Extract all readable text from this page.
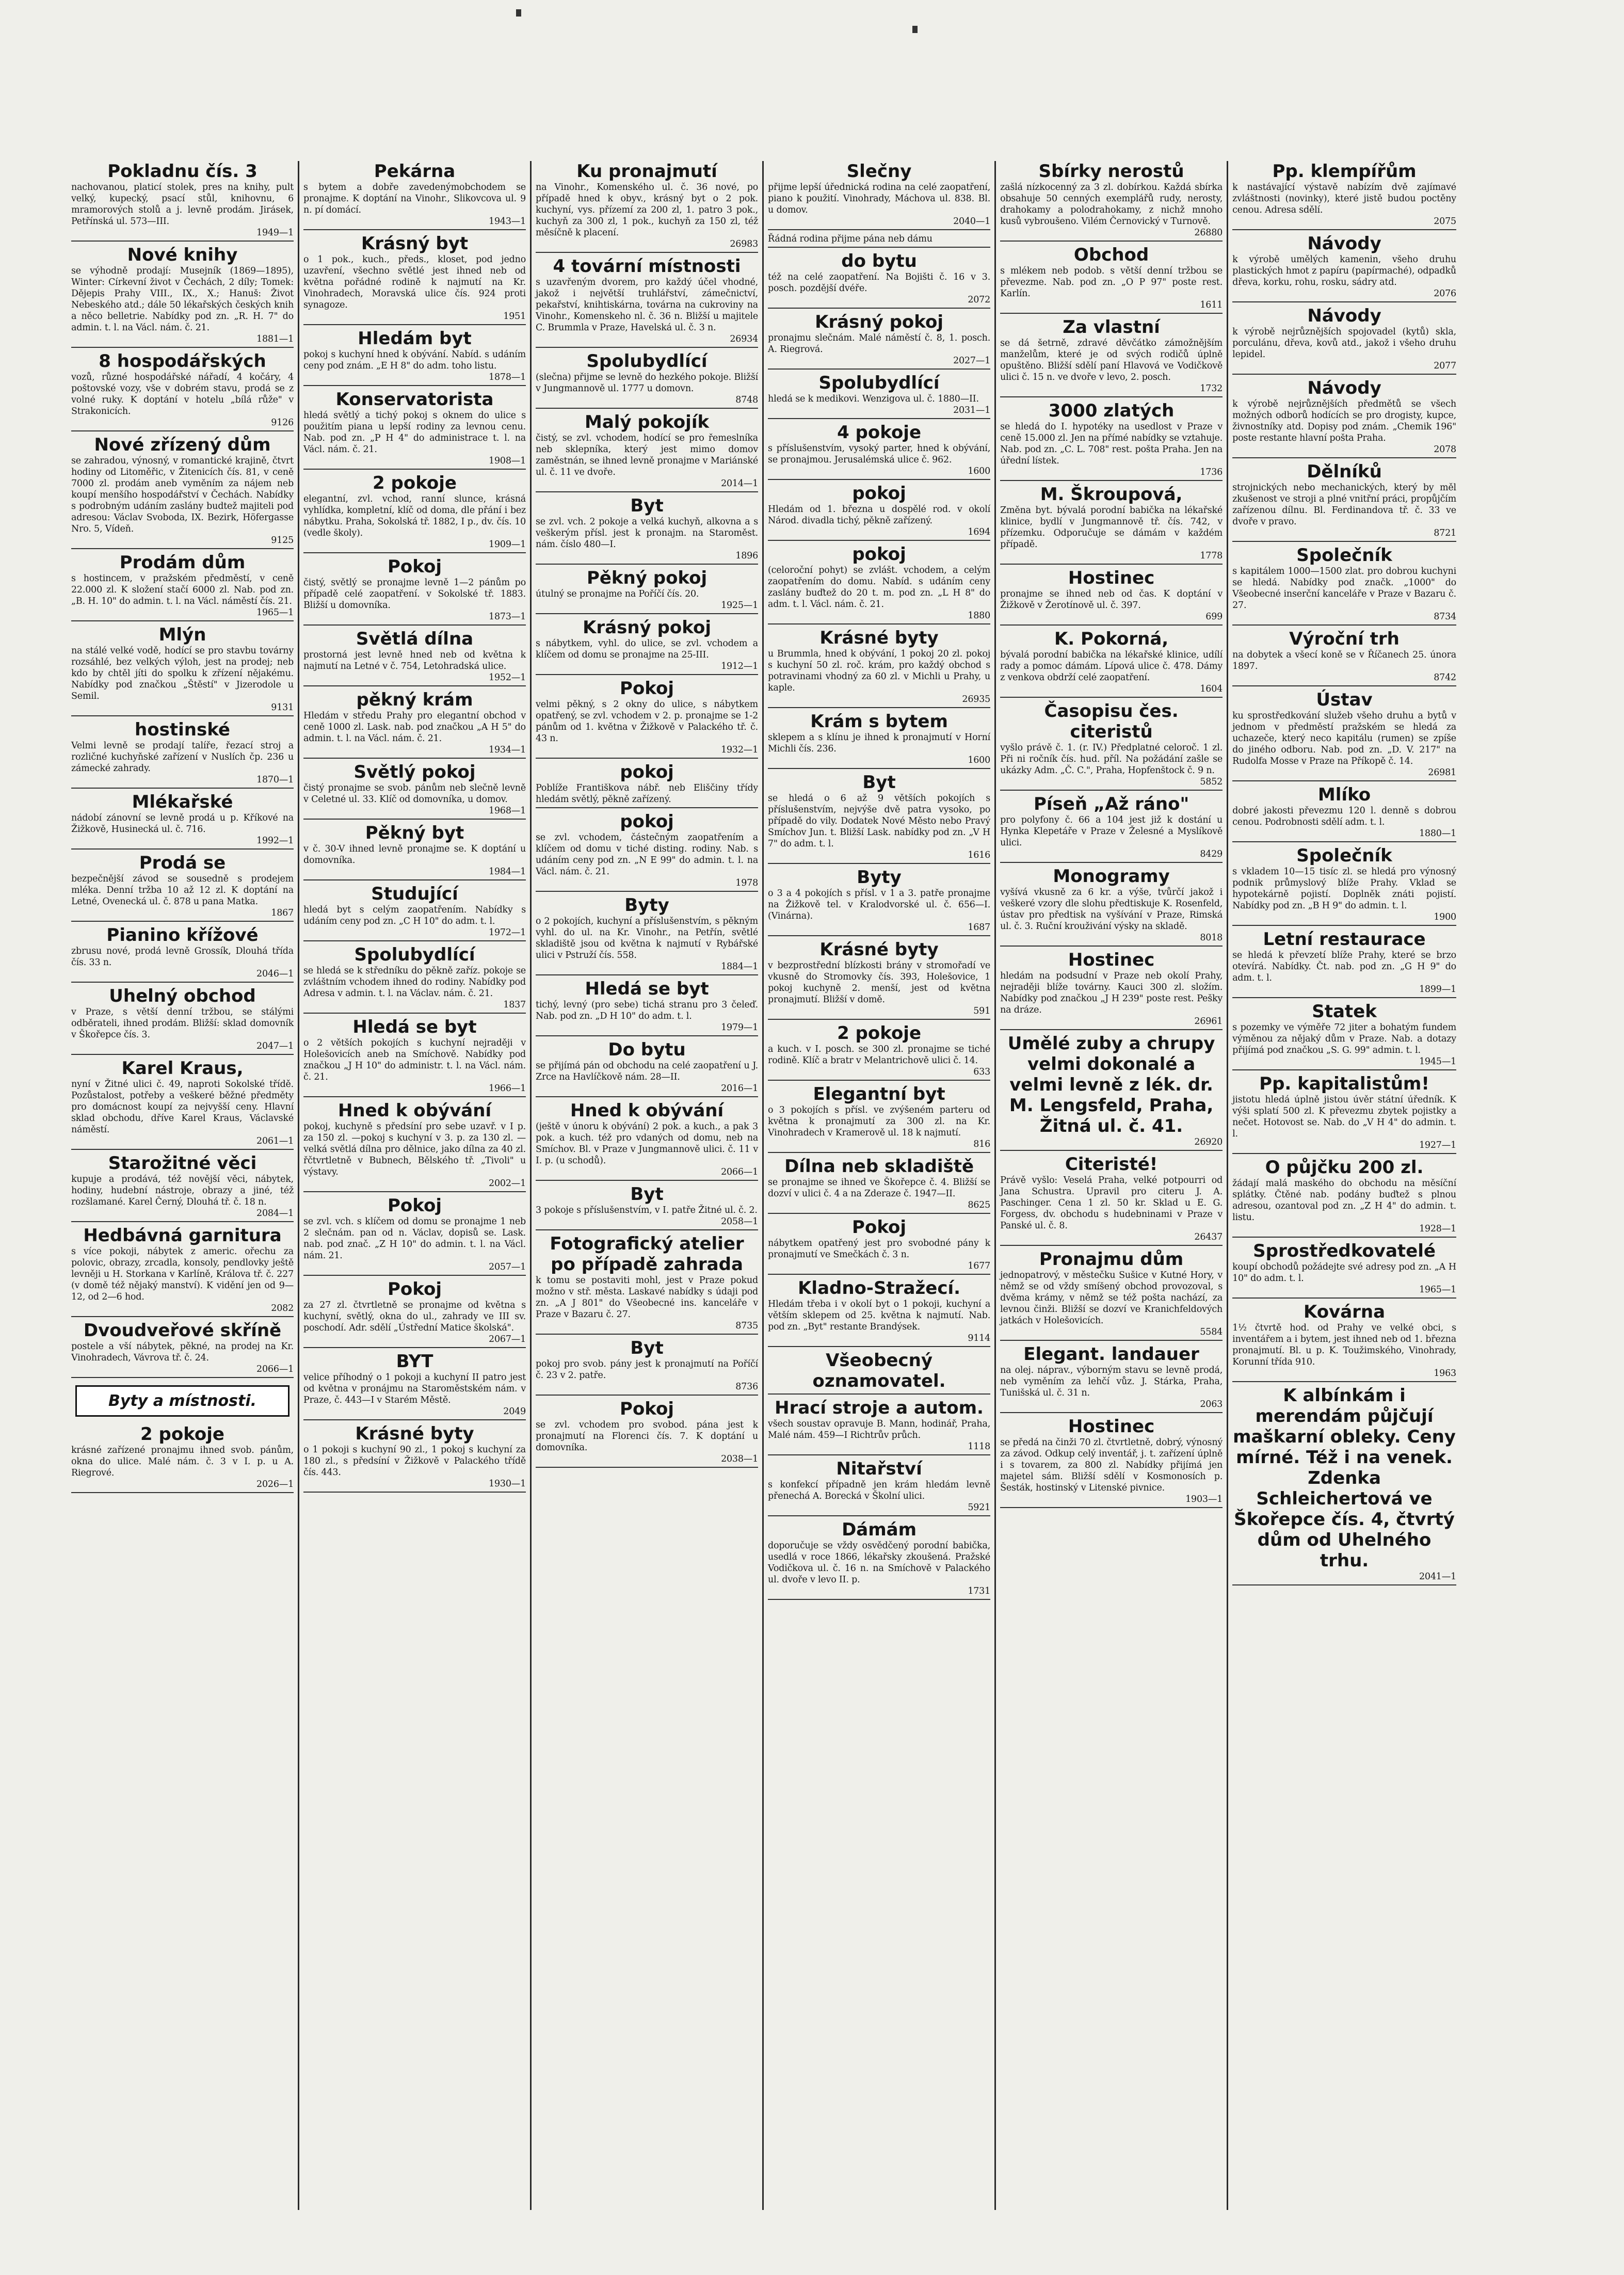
Pokladnu čís. 3

nachovanou, platicí stolek, pres na knihy, pult velký, kupecký, psací stůl, knihovnu, 6 mramorových stolů a j. levně prodám. Jirásek, Petřínská ul. 573—III.

1949—1

Nové knihy

se výhodně prodají: Musejník (1869—1895), Winter: Církevní život v Čechách, 2 díly; Tomek: Dějepis Prahy VIII., IX., X.; Hanuš: Život Nebeského atd.; dále 50 lékařských českých knih a něco belletrie. Nabídky pod zn. „R. H. 7" do admin. t. l. na Václ. nám. č. 21.

1881—1

8 hospodářských

vozů, různé hospodářské nářadí, 4 kočáry, 4 poštovské vozy, vše v dobrém stavu, prodá se z volné ruky. K doptání v hotelu „bílá růže" v Strakonicích.

9126

Nové zřízený dům

se zahradou, výnosný, v romantické krajině, čtvrt hodiny od Litoměřic, v Žitenicích čís. 81, v ceně 7000 zl. prodám aneb vyměním za nájem neb koupí menšího hospodářství v Čechách. Nabídky s podrobným udáním zaslány budtež majiteli pod adresou: Václav Svoboda, IX. Bezirk, Höfergasse Nro. 5, Vídeň.

9125

Prodám dům

s hostincem, v pražském předměstí, v ceně 22.000 zl. K složení stačí 6000 zl. Nab. pod zn. „B. H. 10" do admin. t. l. na Václ. náměstí čís. 21.

1965—1

Mlýn

na stálé velké vodě, hodící se pro stavbu továrny rozsáhlé, bez velkých výloh, jest na prodej; neb kdo by chtěl jíti do spolku k zřízení nějakému. Nabídky pod značkou „Štěstí" v Jizerodole u Semil.

9131

hostinské

Velmi levně se prodají talíře, řezací stroj a rozličné kuchyňské zařízení v Nuslích čp. 236 u zámecké zahrady.

1870—1

Mlékařské

nádobí zánovní se levně prodá u p. Kříkové na Žižkově, Husinecká ul. č. 716.

1992—1

Prodá se

bezpečnější závod se sousedně s prodejem mléka. Denní tržba 10 až 12 zl. K doptání na Letné, Ovenecká ul. č. 878 u pana Matka.

1867

Pianino křížové

zbrusu nové, prodá levně Grossík, Dlouhá třída čís. 33 n.

2046—1

Uhelný obchod

v Praze, s větší denní tržbou, se stálými odběrateli, ihned prodám. Bližší: sklad domovník v Škořepce čís. 3.

2047—1

Karel Kraus,

nyní v Žitné ulici č. 49, naproti Sokolské třídě. Pozůstalost, potřeby a veškeré běžné předměty pro domácnost koupí za nejvyšší ceny. Hlavní sklad obchodu, dříve Karel Kraus, Václavské náměstí.

2061—1

Starožitné věci

kupuje a prodává, též novější věci, nábytek, hodiny, hudební nástroje, obrazy a jiné, též rozšlamané. Karel Černý, Dlouhá tř. č. 18 n.

2084—1

Hedbávná garnitura

s více pokoji, nábytek z americ. ořechu za polovic, obrazy, zrcadla, konsoly, pendlovky ještě levněji u H. Storkana v Karlíně, Králova tř. č. 227 (v domě též nějaký manství). K vidění jen od 9—12, od 2—6 hod.

2082

Dvoudveřové skříně

postele a vší nábytek, pěkné, na prodej na Kr. Vinohradech, Vávrova tř. č. 24.

2066—1
Byty a místnosti.

2 pokoje

krásné zařízené pronajmu ihned svob. pánům, okna do ulice. Malé nám. č. 3 v I. p. u A. Riegrové.

2026—1

Pekárna

s bytem a dobře zavedenýmobchodem se pronajme. K doptání na Vinohr., Slikovcova ul. 9 n. pí domácí.

1943—1

Krásný byt

o 1 pok., kuch., předs., kloset, pod jedno uzavření, všechno světlé jest ihned neb od května pořádné rodině k najmutí na Kr. Vinohradech, Moravská ulice čís. 924 proti synagoze.

1951

Hledám byt

pokoj s kuchyní hned k obývání. Nabíd. s udáním ceny pod znám. „E H 8" do adm. toho listu.

1878—1

Konservatorista

hledá světlý a tichý pokoj s oknem do ulice s použitím piana u lepší rodiny za levnou cenu. Nab. pod zn. „P H 4" do administrace t. l. na Václ. nám. č. 21.

1908—1

2 pokoje

elegantní, zvl. vchod, ranní slunce, krásná vyhlídka, kompletní, klíč od doma, dle přání i bez nábytku. Praha, Sokolská tř. 1882, I p., dv. čís. 10 (vedle školy).

1909—1

Pokoj

čistý, světlý se pronajme levně 1—2 pánům po případě celé zaopatření. v Sokolské tř. 1883. Bližší u domovníka.

1873—1

Světlá dílna

prostorná jest levně hned neb od května k najmutí na Letné v č. 754, Letohradská ulice.

1952—1

pěkný krám

Hledám v středu Prahy pro elegantní obchod v ceně 1000 zl. Lask. nab. pod značkou „A H 5" do admin. t. l. na Václ. nám. č. 21.

1934—1

Světlý pokoj

čistý pronajme se svob. pánům neb slečně levně v Celetné ul. 33. Klíč od domovníka, u domov.

1968—1

Pěkný byt

v č. 30-V ihned levně pronajme se. K doptání u domovníka.

1984—1

Studující

hledá byt s celým zaopatřením. Nabídky s udáním ceny pod zn. „C H 10" do adm. t. l.

1972—1

Spolubydlící

se hledá se k středníku do pěkně zaříz. pokoje se zvláštním vchodem ihned do rodiny. Nabídky pod Adresa v admin. t. l. na Václav. nám. č. 21.

1837

Hledá se byt

o 2 větších pokojích s kuchyní nejraději v Holešovicích aneb na Smíchově. Nabídky pod značkou „J H 10" do administr. t. l. na Václ. nám. č. 21.

1966—1

Hned k obývání

pokoj, kuchyně s předsíní pro sebe uzavř. v I p. za 150 zl. —pokoj s kuchyní v 3. p. za 130 zl. — velká světlá dílna pro dělnice, jako dílna za 40 zl. řčtvrtletně v Bubnech, Bělského tř. „Tivoli" u výstavy.

2002—1

Pokoj

se zvl. vch. s klíčem od domu se pronajme 1 neb 2 slečnám. pan od n. Václav, dopisů se. Lask. nab. pod znač. „Z H 10" do admin. t. l. na Václ. nám. 21.

2057—1

Pokoj

za 27 zl. čtvrtletně se pronajme od května s kuchyní, světlý, okna do ul., zahrady ve III sv. poschodí. Adr. sdělí „Ústřední Matice školská".

2067—1

BYT

velice příhodný o 1 pokoji a kuchyní II patro jest od května v pronájmu na Staroměstském nám. v Praze, č. 443—I v Starém Městě.

2049

Krásné byty

o 1 pokoji s kuchyní 90 zl., 1 pokoj s kuchyní za 180 zl., s předsíní v Žižkově v Palackého třídě čís. 443.

1930—1

Ku pronajmutí

na Vinohr., Komenského ul. č. 36 nové, po případě hned k obyv., krásný byt o 2 pok. kuchyní, vys. přízemí za 200 zl, 1. patro 3 pok., kuchyň za 300 zl, 1 pok., kuchyň za 150 zl, též měsíčně k placení.

26983

4 tovární místnosti

s uzavřeným dvorem, pro každý účel vhodné, jakož i největší truhlářství, zámečnictví, pekařství, knihtiskárna, továrna na cukroviny na Vinohr., Komenskeho nl. č. 36 n. Bližší u majitele C. Brummla v Praze, Havelská ul. č. 3 n.

26934

Spolubydlící

(slečna) přijme se levně do hezkého pokoje. Bližší v Jungmannově ul. 1777 u domovn.

8748

Malý pokojík

čistý, se zvl. vchodem, hodící se pro řemeslníka neb sklepníka, který jest mimo domov zaměstnán, se ihned levně pronajme v Mariánské ul. č. 11 ve dvoře.

2014—1

Byt

se zvl. vch. 2 pokoje a velká kuchyň, alkovna a s veškerým přísl. jest k pronajm. na Staroměst. nám. číslo 480—I.

1896

Pěkný pokoj

útulný se pronajme na Poříčí čís. 20.

1925—1

Krásný pokoj

s nábytkem, vyhl. do ulice, se zvl. vchodem a klíčem od domu se pronajme na 25-III.

1912—1

Pokoj

velmi pěkný, s 2 okny do ulice, s nábytkem opatřený, se zvl. vchodem v 2. p. pronajme se 1-2 pánům od 1. května v Žižkově v Palackého tř. č. 43 n.

1932—1

pokoj

Poblíže Františkova nábř. neb Eliščiny třídy hledám světlý, pěkně zařízený.

pokoj

se zvl. vchodem, částečným zaopatřením a klíčem od domu v tiché disting. rodiny. Nab. s udáním ceny pod zn. „N E 99" do admin. t. l. na Václ. nám. č. 21.

1978

Byty

o 2 pokojích, kuchyní a příslušenstvím, s pěkným vyhl. do ul. na Kr. Vinohr., na Petřín, světlé skladiště jsou od května k najmutí v Rybářské ulici v Pstruží čís. 558.

1884—1

Hledá se byt

tichý, levný (pro sebe) tichá stranu pro 3 čeleď. Nab. pod zn. „D H 10" do adm. t. l.

1979—1

Do bytu

se přijímá pán od obchodu na celé zaopatření u J. Zrce na Havlíčkově nám. 28—II.

2016—1

Hned k obývání

(ještě v únoru k obývání) 2 pok. a kuch., a pak 3 pok. a kuch. též pro vdaných od domu, neb na Smíchov. Bl. v Praze v Jungmannově ulici. č. 11 v I. p. (u schodů).

2066—1

Byt

3 pokoje s příslušenstvím, v I. patře Žitné ul. č. 2.

2058—1

Fotografický atelier po případě zahrada

k tomu se postaviti mohl, jest v Praze pokud možno v stř. města. Laskavé nabídky s údaji pod zn. „A J 801" do Všeobecné ins. kanceláře v Praze v Bazaru č. 27.

8735

Byt

pokoj pro svob. pány jest k pronajmutí na Poříčí č. 23 v 2. patře.

8736

Pokoj

se zvl. vchodem pro svobod. pána jest k pronajmutí na Florenci čís. 7. K doptání u domovníka.

2038—1

Slečny

přijme lepší úřednická rodina na celé zaopatření, piano k použití. Vinohrady, Máchova ul. 838. Bl. u domov.

2040—1

Řádná rodina přijme pána neb dámu

do bytu

též na celé zaopatření. Na Bojišti č. 16 v 3. posch. pozdější dvéře.

2072

Krásný pokoj

pronajmu slečnám. Malé náměstí č. 8, 1. posch. A. Riegrová.

2027—1

Spolubydlící

hledá se k medikovi. Wenzigova ul. č. 1880—II.

2031—1

4 pokoje

s příslušenstvím, vysoký parter, hned k obývání, se pronajmou. Jerusalémská ulice č. 962.

1600

pokoj

Hledám od 1. března u dospělé rod. v okolí Národ. divadla tichý, pěkně zařízený.

1694

pokoj

(celoroční pohyt) se zvlášt. vchodem, a celým zaopatřením do domu. Nabíd. s udáním ceny zaslány buďtež do 20 t. m. pod zn. „L H 8" do adm. t. l. Václ. nám. č. 21.

1880

Krásné byty

u Brummla, hned k obývání, 1 pokoj 20 zl. pokoj s kuchyní 50 zl. roč. krám, pro každý obchod s potravinami vhodný za 60 zl. v Michli u Prahy, u kaple.

26935

Krám s bytem

sklepem a s klínu je ihned k pronajmutí v Horní Michli čís. 236.

1600

Byt

se hledá o 6 až 9 větších pokojích s příslušenstvím, nejvýše dvě patra vysoko, po případě do vily. Dodatek Nové Město nebo Pravý Smíchov Jun. t. Bližší Lask. nabídky pod zn. „V H 7" do adm. t. l.

1616

Byty

o 3 a 4 pokojích s přísl. v 1 a 3. patře pronajme na Žižkově tel. v Kralodvorské ul. č. 656—I. (Vinárna).

1687

Krásné byty

v bezprostřední blízkosti brány v stromořadí ve vkusně do Stromovky čís. 393, Holešovice, 1 pokoj kuchyně 2. menší, jest od května pronajmutí. Bližší v domě.

591

2 pokoje

a kuch. v I. posch. se 300 zl. pronajme se tiché rodině. Klíč a bratr v Melantrichově ulici č. 14.

633

Elegantní byt

o 3 pokojích s přísl. ve zvýšeném parteru od května k pronajmutí za 300 zl. na Kr. Vinohradech v Kramerově ul. 18 k najmutí.

816

Dílna neb skladiště

se pronajme se ihned ve Škořepce č. 4. Bližší se dozví v ulici č. 4 a na Zderaze č. 1947—II.

8625

Pokoj

nábytkem opatřený jest pro svobodné pány k pronajmutí ve Smečkách č. 3 n.

1677

Kladno-Stražecí.

Hledám třeba i v okolí byt o 1 pokoji, kuchyní a větším sklepem od 25. května k najmutí. Nab. pod zn. „Byt" restante Brandýsek.

9114

Všeobecný oznamovatel.

Hrací stroje a autom.

všech soustav opravuje B. Mann, hodinář, Praha, Malé nám. 459—I Richtrův průch.

1118

Nitařství

s konfekcí případně jen krám hledám levně přenechá A. Borecká v Školní ulici.

5921

Dámám

doporučuje se vždy osvědčený porodní babička, usedlá v roce 1866, lékařsky zkoušená. Pražské Vodičkova ul. č. 16 n. na Smíchově v Palackého ul. dvoře v levo II. p.

1731

Sbírky nerostů

zašlá nízkocenný za 3 zl. dobírkou. Každá sbírka obsahuje 50 cenných exemplářů rudy, nerosty, drahokamy a polodrahokamy, z nichž mnoho kusů vybroušeno. Vilém Černovický v Turnově.

26880

Obchod

s mlékem neb podob. s větší denní tržbou se převezme. Nab. pod zn. „O P 97" poste rest. Karlín.

1611

Za vlastní

se dá šetrně, zdravé děvčátko zámožnějším manželům, které je od svých rodičů úplně opuštěno. Bližší sdělí paní Hlavová ve Vodičkově ulici č. 15 n. ve dvoře v levo, 2. posch.

1732

3000 zlatých

se hledá do I. hypotéky na usedlost v Praze v ceně 15.000 zl. Jen na přímé nabídky se vztahuje. Nab. pod zn. „C. L. 708" rest. pošta Praha. Jen na úřední lístek.

1736

M. Škroupová,

Změna byt. bývalá porodní babička na lékařské klinice, bydlí v Jungmannově tř. čís. 742, v přízemku. Odporučuje se dámám v každém případě.

1778

Hostinec

pronajme se ihned neb od čas. K doptání v Žižkově v Žerotínově ul. č. 397.

699

K. Pokorná,

bývalá porodní babička na lékařské klinice, udílí rady a pomoc dámám. Lípová ulice č. 478. Dámy z venkova obdrží celé zaopatření.

1604

Časopisu čes. citeristů

vyšlo právě č. 1. (r. IV.) Předplatné celoroč. 1 zl. Při ni ročník čís. hud. příl. Na požádání zašle se ukázky Adm. „Č. C.", Praha, Hopfenštock č. 9 n.

5852

Píseň „Až ráno"

pro polyfony č. 66 a 104 jest již k dostání u Hynka Klepetáře v Praze v Želesné a Myslíkově ulici.

8429

Monogramy

vyšívá vkusně za 6 kr. a výše, tvůrčí jakož i veškeré vzory dle slohu předtiskuje K. Rosenfeld, ústav pro předtisk na vyšívání v Praze, Rimská ul. č. 3. Ruční krouživání výsky na skladě.

8018

Hostinec

hledám na podsudní v Praze neb okolí Prahy, nejraději blíže továrny. Kauci 300 zl. složím. Nabídky pod značkou „J H 239" poste rest. Pešky na dráze.

26961

Umělé zuby a chrupy velmi dokonalé a velmi levně z lék. dr. M. Lengsfeld, Praha, Žitná ul. č. 41.

26920

Citeristé!

Právě vyšlo: Veselá Praha, velké potpourri od Jana Schustra. Upravil pro citeru J. A. Paschinger. Cena 1 zl. 50 kr. Sklad u E. G. Forgess, dv. obchodu s hudebninami v Praze v Panské ul. č. 8.

26437

Pronajmu dům

jednopatrový, v městečku Sušice v Kutné Hory, v němž se od vždy smíšený obchod provozoval, s dvěma krámy, v němž se též pošta nachází, za levnou činži. Bližší se dozví ve Kranichfeldových jatkách v Holešovicích.

5584

Elegant. landauer

na olej. náprav., výborným stavu se levně prodá, neb vyměním za lehčí vůz. J. Stárka, Praha, Tunišská ul. č. 31 n.

2063

Hostinec

se předá na činži 70 zl. čtvrtletně, dobrý, výnosný za závod. Odkup celý inventář, j. t. zařízení úplně i s tovarem, za 800 zl. Nabídky přijímá jen majetel sám. Bližší sdělí v Kosmonosích p. Šesták, hostinský v Litenské pivnice.

1903—1

Pp. klempířům

k nastávající výstavě nabízím dvě zajímavé zvláštnosti (novinky), které jistě budou poctěny cenou. Adresa sdělí.

2075

Návody

k výrobě umělých kamenin, všeho druhu plastických hmot z papíru (papírmaché), odpadků dřeva, korku, rohu, rosku, sádry atd.

2076

Návody

k výrobě nejrůznějších spojovadel (kytů) skla, porculánu, dřeva, kovů atd., jakož i všeho druhu lepidel.

2077

Návody

k výrobě nejrůznějších předmětů se všech možných odborů hodících se pro drogisty, kupce, živnostníky atd. Dopisy pod znám. „Chemik 196" poste restante hlavní pošta Praha.

2078

Dělníků

strojnických nebo mechanických, který by měl zkušenost ve stroji a plné vnitřní práci, propůjčím zařízenou dílnu. Bl. Ferdinandova tř. č. 33 ve dvoře v pravo.

8721

Společník

s kapitálem 1000—1500 zlat. pro dobrou kuchyni se hledá. Nabídky pod značk. „1000" do Všeobecné inserční kanceláře v Praze v Bazaru č. 27.

8734

Výroční trh

na dobytek a všecí koně se v Říčanech 25. února 1897.

8742

Ústav

ku sprostředkování služeb všeho druhu a bytů v jednom v předměstí pražském se hledá za uchazeče, který neco kapitálu (rumen) se zpíše do jiného odboru. Nab. pod zn. „D. V. 217" na Rudolfa Mosse v Praze na Příkopě č. 14.

26981

Mlíko

dobré jakosti převezmu 120 l. denně s dobrou cenou. Podrobnosti sdělí adm. t. l.

1880—1

Společník

s vkladem 10—15 tisíc zl. se hledá pro výnosný podnik průmyslový blíže Prahy. Vklad se hypotekárně pojistí. Doplněk znáti pojistí. Nabídky pod zn. „B H 9" do admin. t. l.

1900

Letní restaurace

se hledá k převzetí blíže Prahy, které se brzo otevírá. Nabídky. Čt. nab. pod zn. „G H 9" do adm. t. l.

1899—1

Statek

s pozemky ve výměře 72 jiter a bohatým fundem výměnou za nějaký dům v Praze. Nab. a dotazy přijímá pod značkou „S. G. 99" admin. t. l.

1945—1

Pp. kapitalistům!

jistotu hledá úplně jistou úvěr státní úředník. K výši splatí 500 zl. K převezmu zbytek pojistky a nečet. Hotovost se. Nab. do „V H 4" do admin. t. l.

1927—1

O půjčku 200 zl.

žádají malá maského do obchodu na měsíční splátky. Čtěné nab. podány buďtež s plnou adresou, ozantoval pod zn. „Z H 4" do admin. t. listu.

1928—1

Sprostředkovatelé

koupí obchodů požádejte své adresy pod zn. „A H 10" do adm. t. l.

1965—1

Kovárna

1½ čtvrtě hod. od Prahy ve velké obci, s inventářem a i bytem, jest ihned neb od 1. března pronajmutí. Bl. u p. K. Toužimského, Vinohrady, Korunní třída 910.

1963

K albínkám i merendám půjčují maškarní obleky. Ceny mírné. Též i na venek. Zdenka Schleichertová ve Škořepce čís. 4, čtvrtý dům od Uhelného trhu.

2041—1
